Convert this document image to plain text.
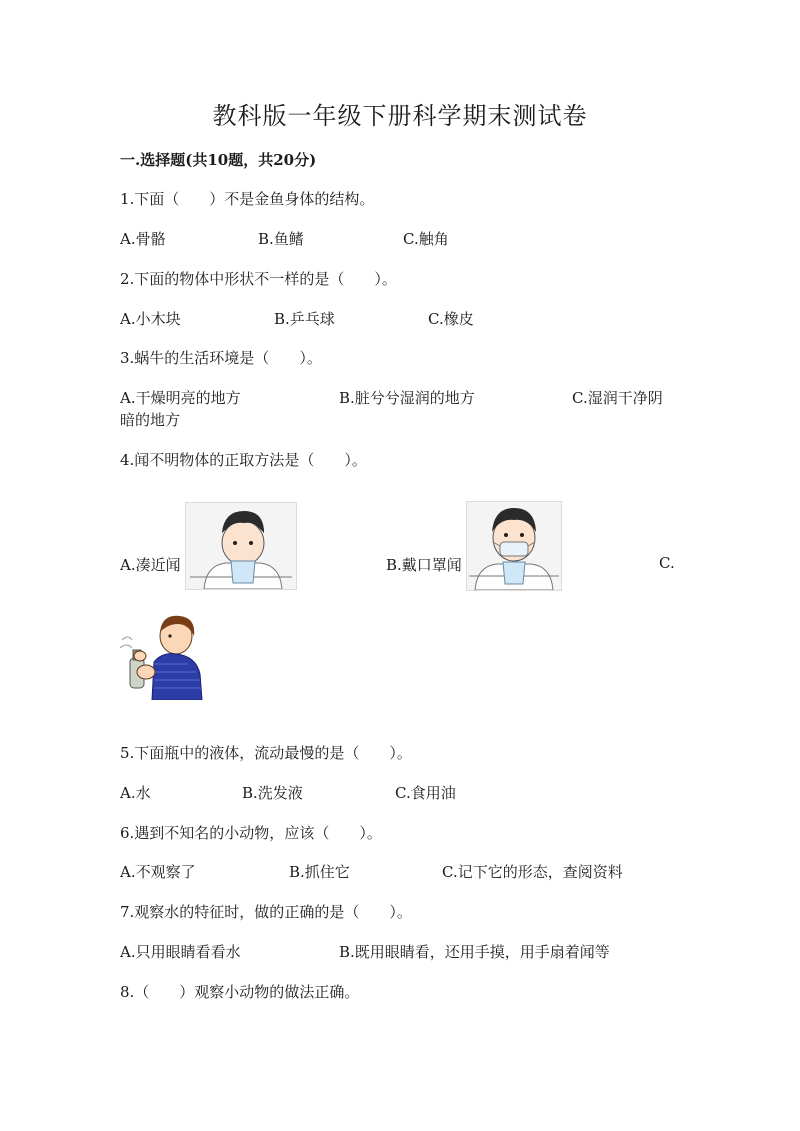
教科版一年级下册科学期末测试卷
一.选择题(共10题，共20分)
1.下面（　　）不是金鱼身体的结构。
A.骨骼	B.鱼鳍	C.触角
2.下面的物体中形状不一样的是（　　）。
A.小木块	B.乒乓球	C.橡皮
3.蜗牛的生活环境是（　　）。
A.干燥明亮的地方	B.脏兮兮湿润的地方	C.湿润干净阴
暗的地方
4.闻不明物体的正取方法是（　　）。
A.凑近闻	B.戴口罩闻	C.
5.下面瓶中的液体，流动最慢的是（　　）。
A.水	B.洗发液	C.食用油
6.遇到不知名的小动物，应该（　　）。
A.不观察了	B.抓住它	C.记下它的形态，查阅资料
7.观察水的特征时，做的正确的是（　　）。
A.只用眼睛看看水	B.既用眼睛看，还用手摸，用手扇着闻等
8.（　　）观察小动物的做法正确。
